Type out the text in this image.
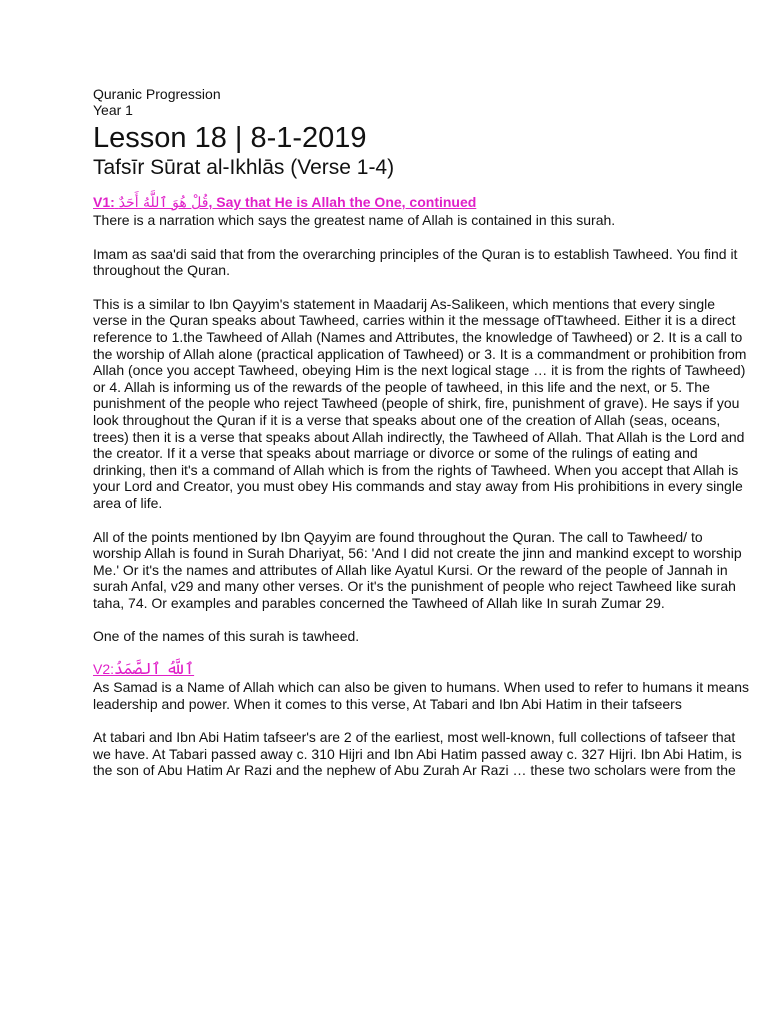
Quranic Progression
Year 1
Lesson 18 | 8-1-2019
Tafsīr Sūrat al-Ikhlās (Verse 1-4)
V1: قُلْ هُوَ ٱللَّهُ أَحَدٌ, Say that He is Allah the One, continued

There is a narration which says the greatest name of Allah is contained in this surah.

Imam as saa'di said that from the overarching principles of the Quran is to establish Tawheed. You find it throughout the Quran.

This is a similar to Ibn Qayyim's statement in Maadarij As-Salikeen, which mentions that every single verse in the Quran speaks about Tawheed, carries within it the message ofTtawheed. Either it is a direct reference to 1.the Tawheed of Allah (Names and Attributes, the knowledge of Tawheed) or 2. It is a call to the worship of Allah alone (practical application of Tawheed) or 3. It is a commandment or prohibition from Allah (once you accept Tawheed, obeying Him is the next logical stage … it is from the rights of Tawheed) or 4. Allah is informing us of the rewards of the people of tawheed, in this life and the next, or 5. The punishment of the people who reject Tawheed (people of shirk, fire, punishment of grave). He says if you look throughout the Quran if it is a verse that speaks about one of the creation of Allah (seas, oceans, trees) then it is a verse that speaks about Allah indirectly, the Tawheed of Allah. That Allah is the Lord and the creator. If it a verse that speaks about marriage or divorce or some of the rulings of eating and drinking, then it's a command of Allah which is from the rights of Tawheed. When you accept that Allah is your Lord and Creator, you must obey His commands and stay away from His prohibitions in every single area of life.

All of the points mentioned by Ibn Qayyim are found throughout the Quran. The call to Tawheed/ to worship Allah is found in Surah Dhariyat, 56: 'And I did not create the jinn and mankind except to worship Me.' Or it's the names and attributes of Allah like Ayatul Kursi. Or the reward of the people of Jannah in surah Anfal, v29 and many other verses. Or it's the punishment of people who reject Tawheed like surah taha, 74. Or examples and parables concerned the Tawheed of Allah like In surah Zumar 29.

One of the names of this surah is tawheed.

V2:ٱللَّهُ ٱلصَّمَدُ

As Samad is a Name of Allah which can also be given to humans. When used to refer to humans it means leadership and power. When it comes to this verse, At Tabari and Ibn Abi Hatim in their tafseers

At tabari and Ibn Abi Hatim tafseer's are 2 of the earliest, most well-known, full collections of tafseer that we have. At Tabari passed away c. 310 Hijri and Ibn Abi Hatim passed away c. 327 Hijri. Ibn Abi Hatim, is the son of Abu Hatim Ar Razi and the nephew of Abu Zurah Ar Razi … these two scholars were from the
